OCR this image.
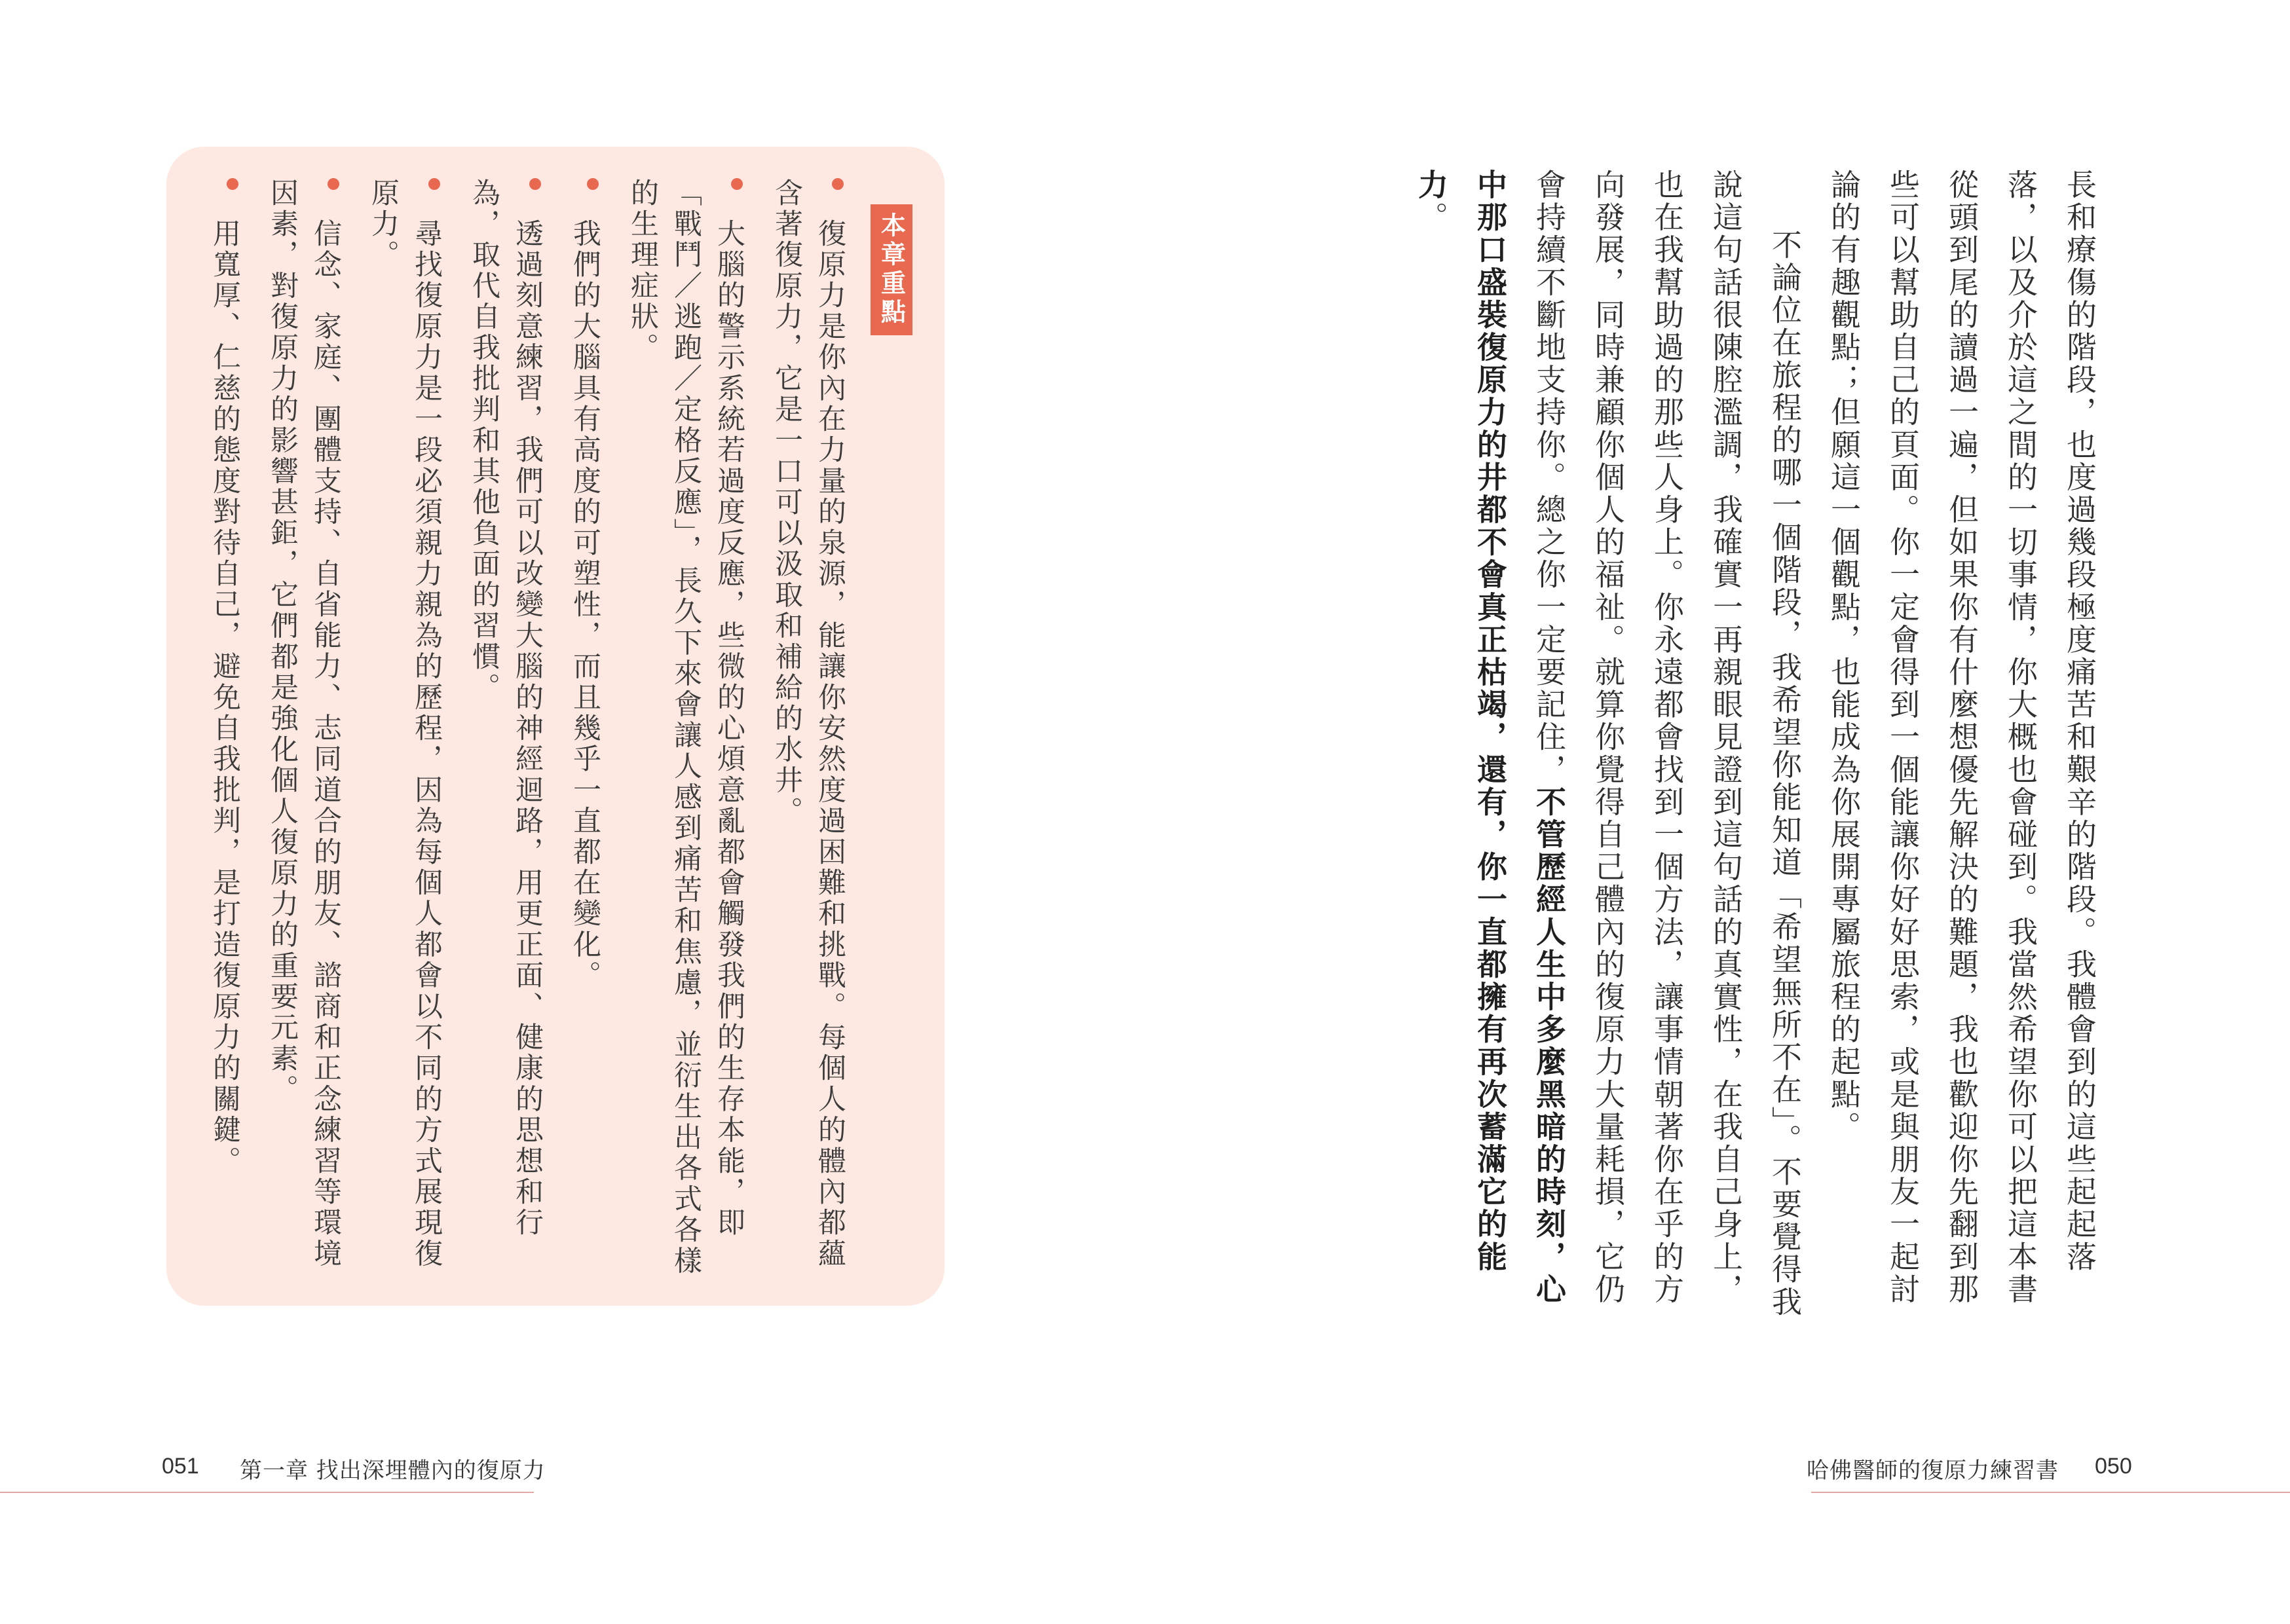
本章重點
復原力是你內在力量的泉源，能讓你安然度過困難和挑戰。每個人的體內都蘊含著復原力，它是一口可以汲取和補給的水井。
大腦的警示系統若過度反應，些微的心煩意亂都會觸發我們的生存本能，即「戰鬥／逃跑／定格反應」，長久下來會讓人感到痛苦和焦慮，並衍生出各式各樣的生理症狀。
我們的大腦具有高度的可塑性，而且幾乎一直都在變化。
透過刻意練習，我們可以改變大腦的神經迴路，用更正面、健康的思想和行為，取代自我批判和其他負面的習慣。
尋找復原力是一段必須親力親為的歷程，因為每個人都會以不同的方式展現復原力。
信念、家庭、團體支持、自省能力、志同道合的朋友、諮商和正念練習等環境因素，對復原力的影響甚鉅，它們都是強化個人復原力的重要元素。
用寬厚、仁慈的態度對待自己，避免自我批判，是打造復原力的關鍵。	長和療傷的階段，也度過幾段極度痛苦和艱辛的階段。我體會到的這些起起落落，以及介於這之間的一切事情，你大概也會碰到。我當然希望你可以把這本書從頭到尾的讀過一遍，但如果你有什麼想優先解決的難題，我也歡迎你先翻到那些可以幫助自己的頁面。你一定會得到一個能讓你好好思索，或是與朋友一起討論的有趣觀點；但願這一個觀點，也能成為你展開專屬旅程的起點。

不論位在旅程的哪一個階段，我希望你能知道「希望無所不在」。不要覺得我說這句話很陳腔濫調，我確實一再親眼見證到這句話的真實性，在我自己身上，也在我幫助過的那些人身上。你永遠都會找到一個方法，讓事情朝著你在乎的方向發展，同時兼顧你個人的福祉。就算你覺得自己體內的復原力大量耗損，它仍會持續不斷地支持你。總之你一定要記住，不管歷經人生中多麼黑暗的時刻，心中那口盛裝復原力的井都不會真正枯竭，還有，你一直都擁有再次蓄滿它的能力。

051 第一章 找出深埋體內的復原力	哈佛醫師的復原力練習書 050
